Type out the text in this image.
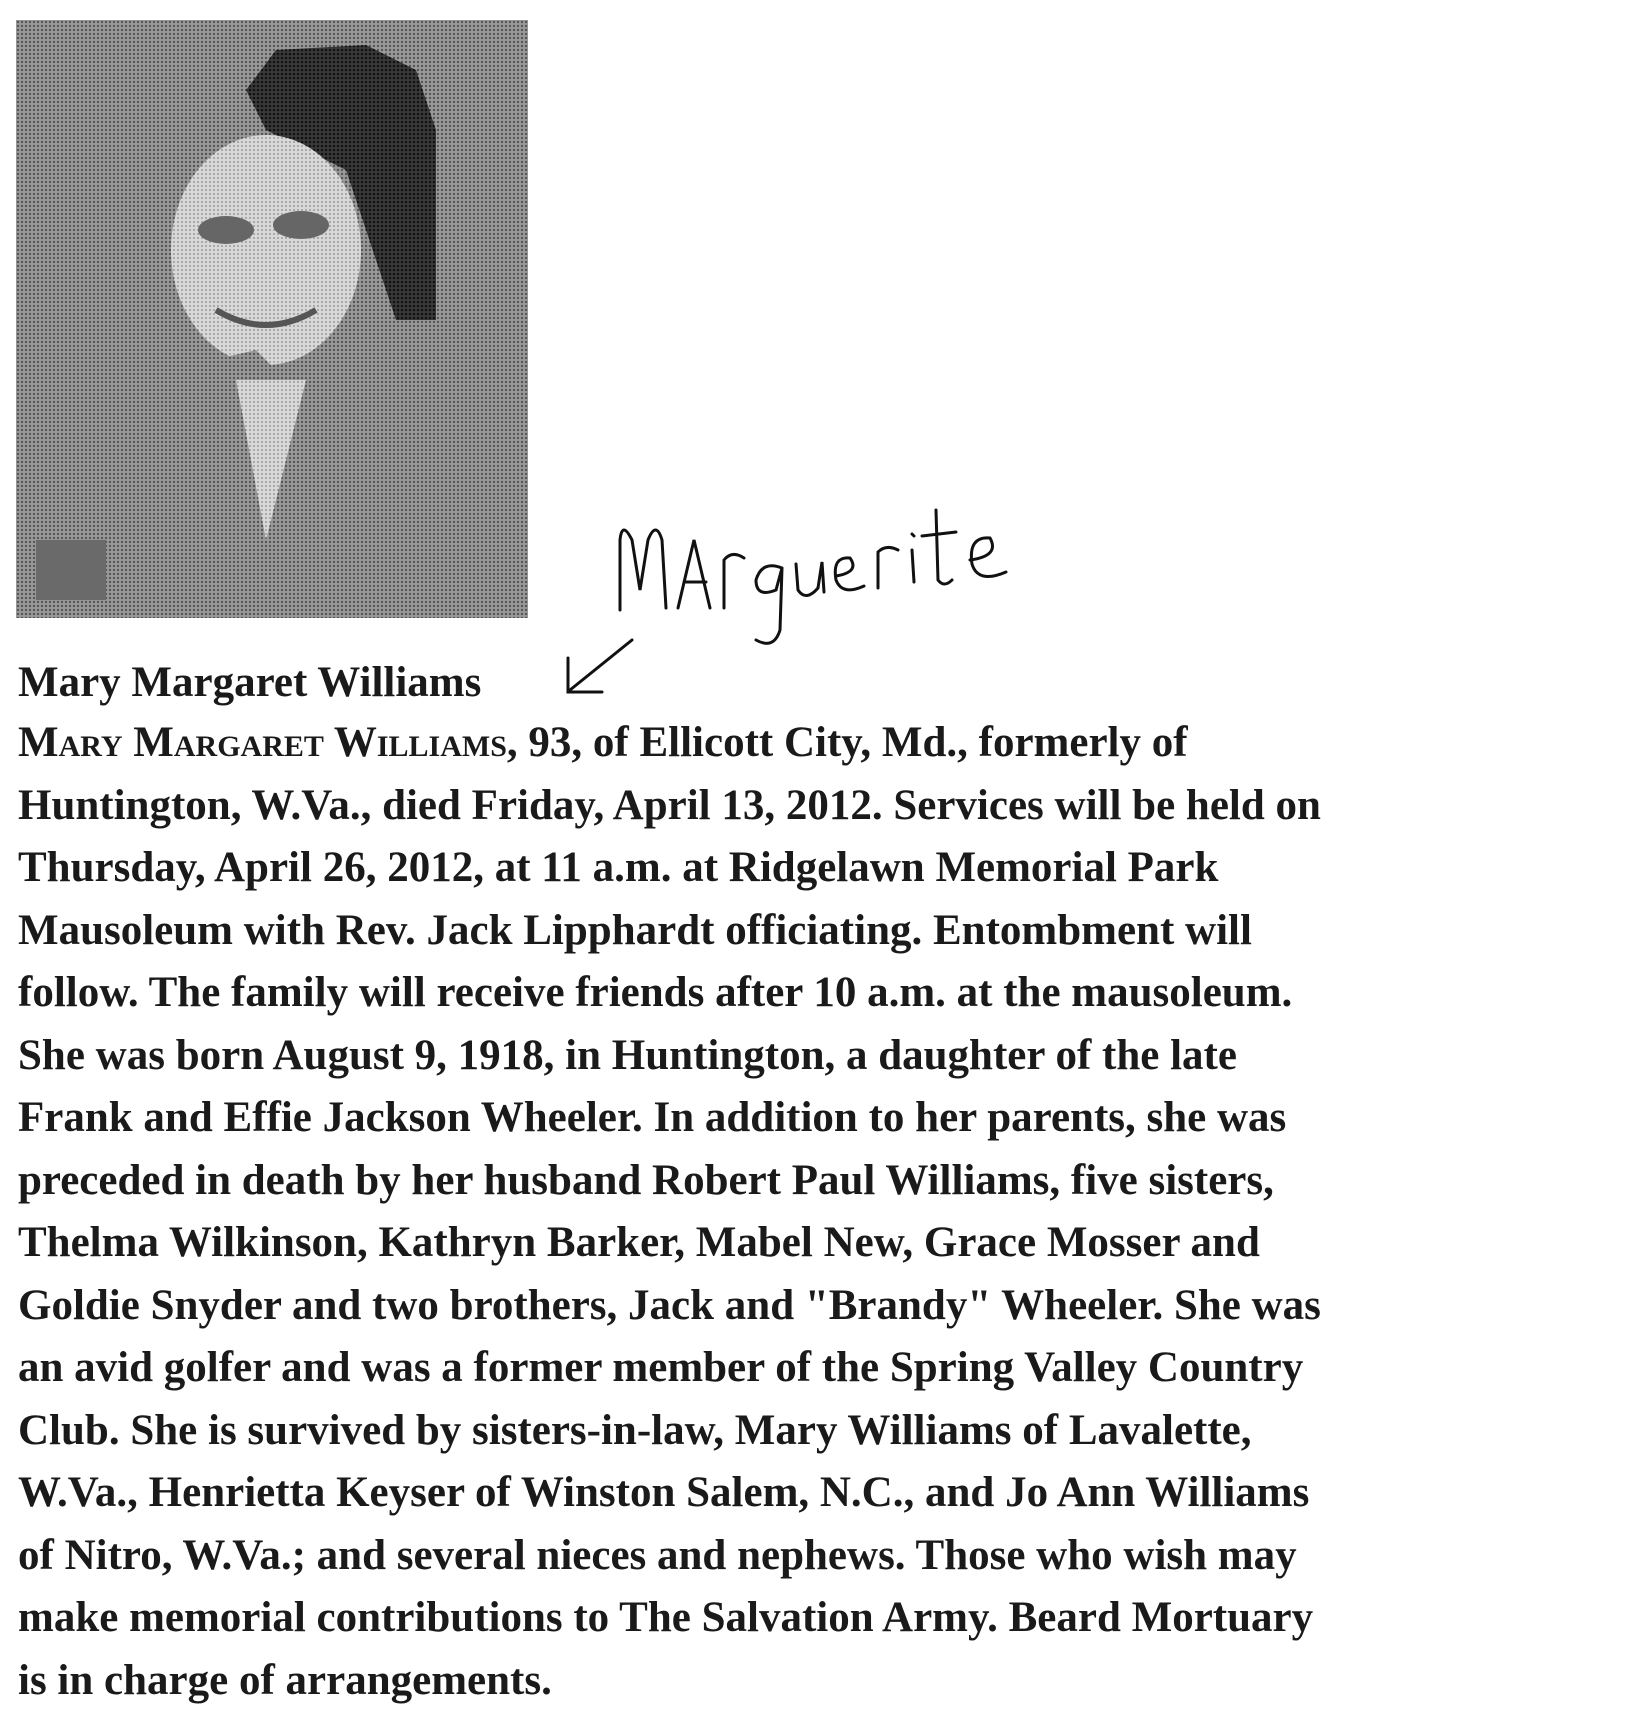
Mary Margaret Williams
Mary Margaret Williams, 93, of Ellicott City, Md., formerly of
Huntington, W.Va., died Friday, April 13, 2012. Services will be held on
Thursday, April 26, 2012, at 11 a.m. at Ridgelawn Memorial Park
Mausoleum with Rev. Jack Lipphardt officiating. Entombment will
follow. The family will receive friends after 10 a.m. at the mausoleum.
She was born August 9, 1918, in Huntington, a daughter of the late
Frank and Effie Jackson Wheeler. In addition to her parents, she was
preceded in death by her husband Robert Paul Williams, five sisters,
Thelma Wilkinson, Kathryn Barker, Mabel New, Grace Mosser and
Goldie Snyder and two brothers, Jack and "Brandy" Wheeler. She was
an avid golfer and was a former member of the Spring Valley Country
Club. She is survived by sisters-in-law, Mary Williams of Lavalette,
W.Va., Henrietta Keyser of Winston Salem, N.C., and Jo Ann Williams
of Nitro, W.Va.; and several nieces and nephews. Those who wish may
make memorial contributions to The Salvation Army. Beard Mortuary
is in charge of arrangements.
